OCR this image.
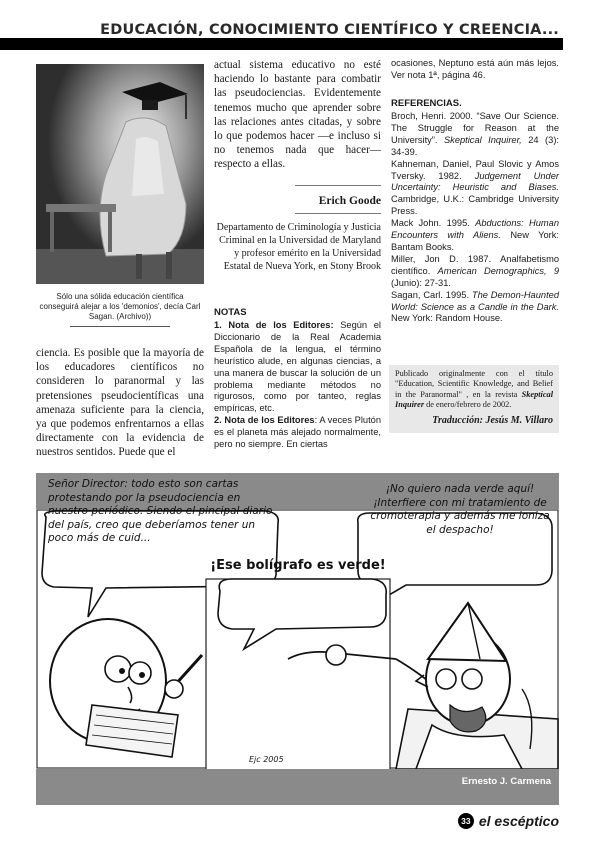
EDUCACIÓN, CONOCIMIENTO CIENTÍFICO Y CREENCIA...
Sólo una sólida educación científica conseguirá alejar a los 'demonios', decía Carl Sagan. (Archivo))
ciencia. Es posible que la mayoría de los educadores científicos no consideren lo paranormal y las pretensiones pseudocientíficas una amenaza suficiente para la ciencia, ya que podemos enfrentarnos a ellas directamente con la evidencia de nuestros sentidos. Puede que el
actual sistema educativo no esté haciendo lo bastante para combatir las pseudociencias. Evidentemente tenemos mucho que aprender sobre las relaciones antes citadas, y sobre lo que podemos hacer —e incluso si no tenemos nada que hacer— respecto a ellas.
Erich Goode
Departamento de Criminología y Justicia Criminal en la Universidad de Maryland y profesor emérito en la Universidad Estatal de Nueva York, en Stony Brook
NOTAS

1. Nota de los Editores: Según el Diccionario de la Real Academia Española de la lengua, el término heurístico alude, en algunas ciencias, a una manera de buscar la solución de un problema mediante métodos no rigurosos, como por tanteo, reglas empíricas, etc.

2. Nota de los Editores: A veces Plutón es el planeta más alejado normalmente, pero no siempre. En ciertas

ocasiones, Neptuno está aún más lejos. Ver nota 1ª, página 46.

REFERENCIAS.

Broch, Henri. 2000. “Save Our Science. The Struggle for Reason at the University”. Skeptical Inquirer, 24 (3): 34-39.

Kahneman, Daniel, Paul Slovic y Amos Tversky. 1982. Judgement Under Uncertainty: Heuristic and Biases. Cambridge, U.K.: Cambridge University Press.

Mack John. 1995. Abductions: Human Encounters with Aliens. New York: Bantam Books.

Miller, Jon D. 1987. Analfabetismo científico. American Demographics, 9 (Junio): 27-31.

Sagan, Carl. 1995. The Demon-Haunted World: Science as a Candle in the Dark. New York: Random House.

Publicado originalmente con el título "Education, Scientific Knowledge, and Belief in the Paranormal" , en la revista Skeptical Inquirer de enero/febrero de 2002.
Traducción: Jesús M. Villaro
Señor Director: todo esto son cartas protestando por la pseudociencia en nuestro periódico. Siendo el pincipal diario del país, creo que deberíamos tener un poco más de cuid...
¡No quiero nada verde aquí! ¡Interfiere con mi tratamiento de cromoterapia y además me ioniza el despacho!
¡Ese bolígrafo es verde!
Ejc 2005
Ernesto J. Carmena
33 el escéptico
